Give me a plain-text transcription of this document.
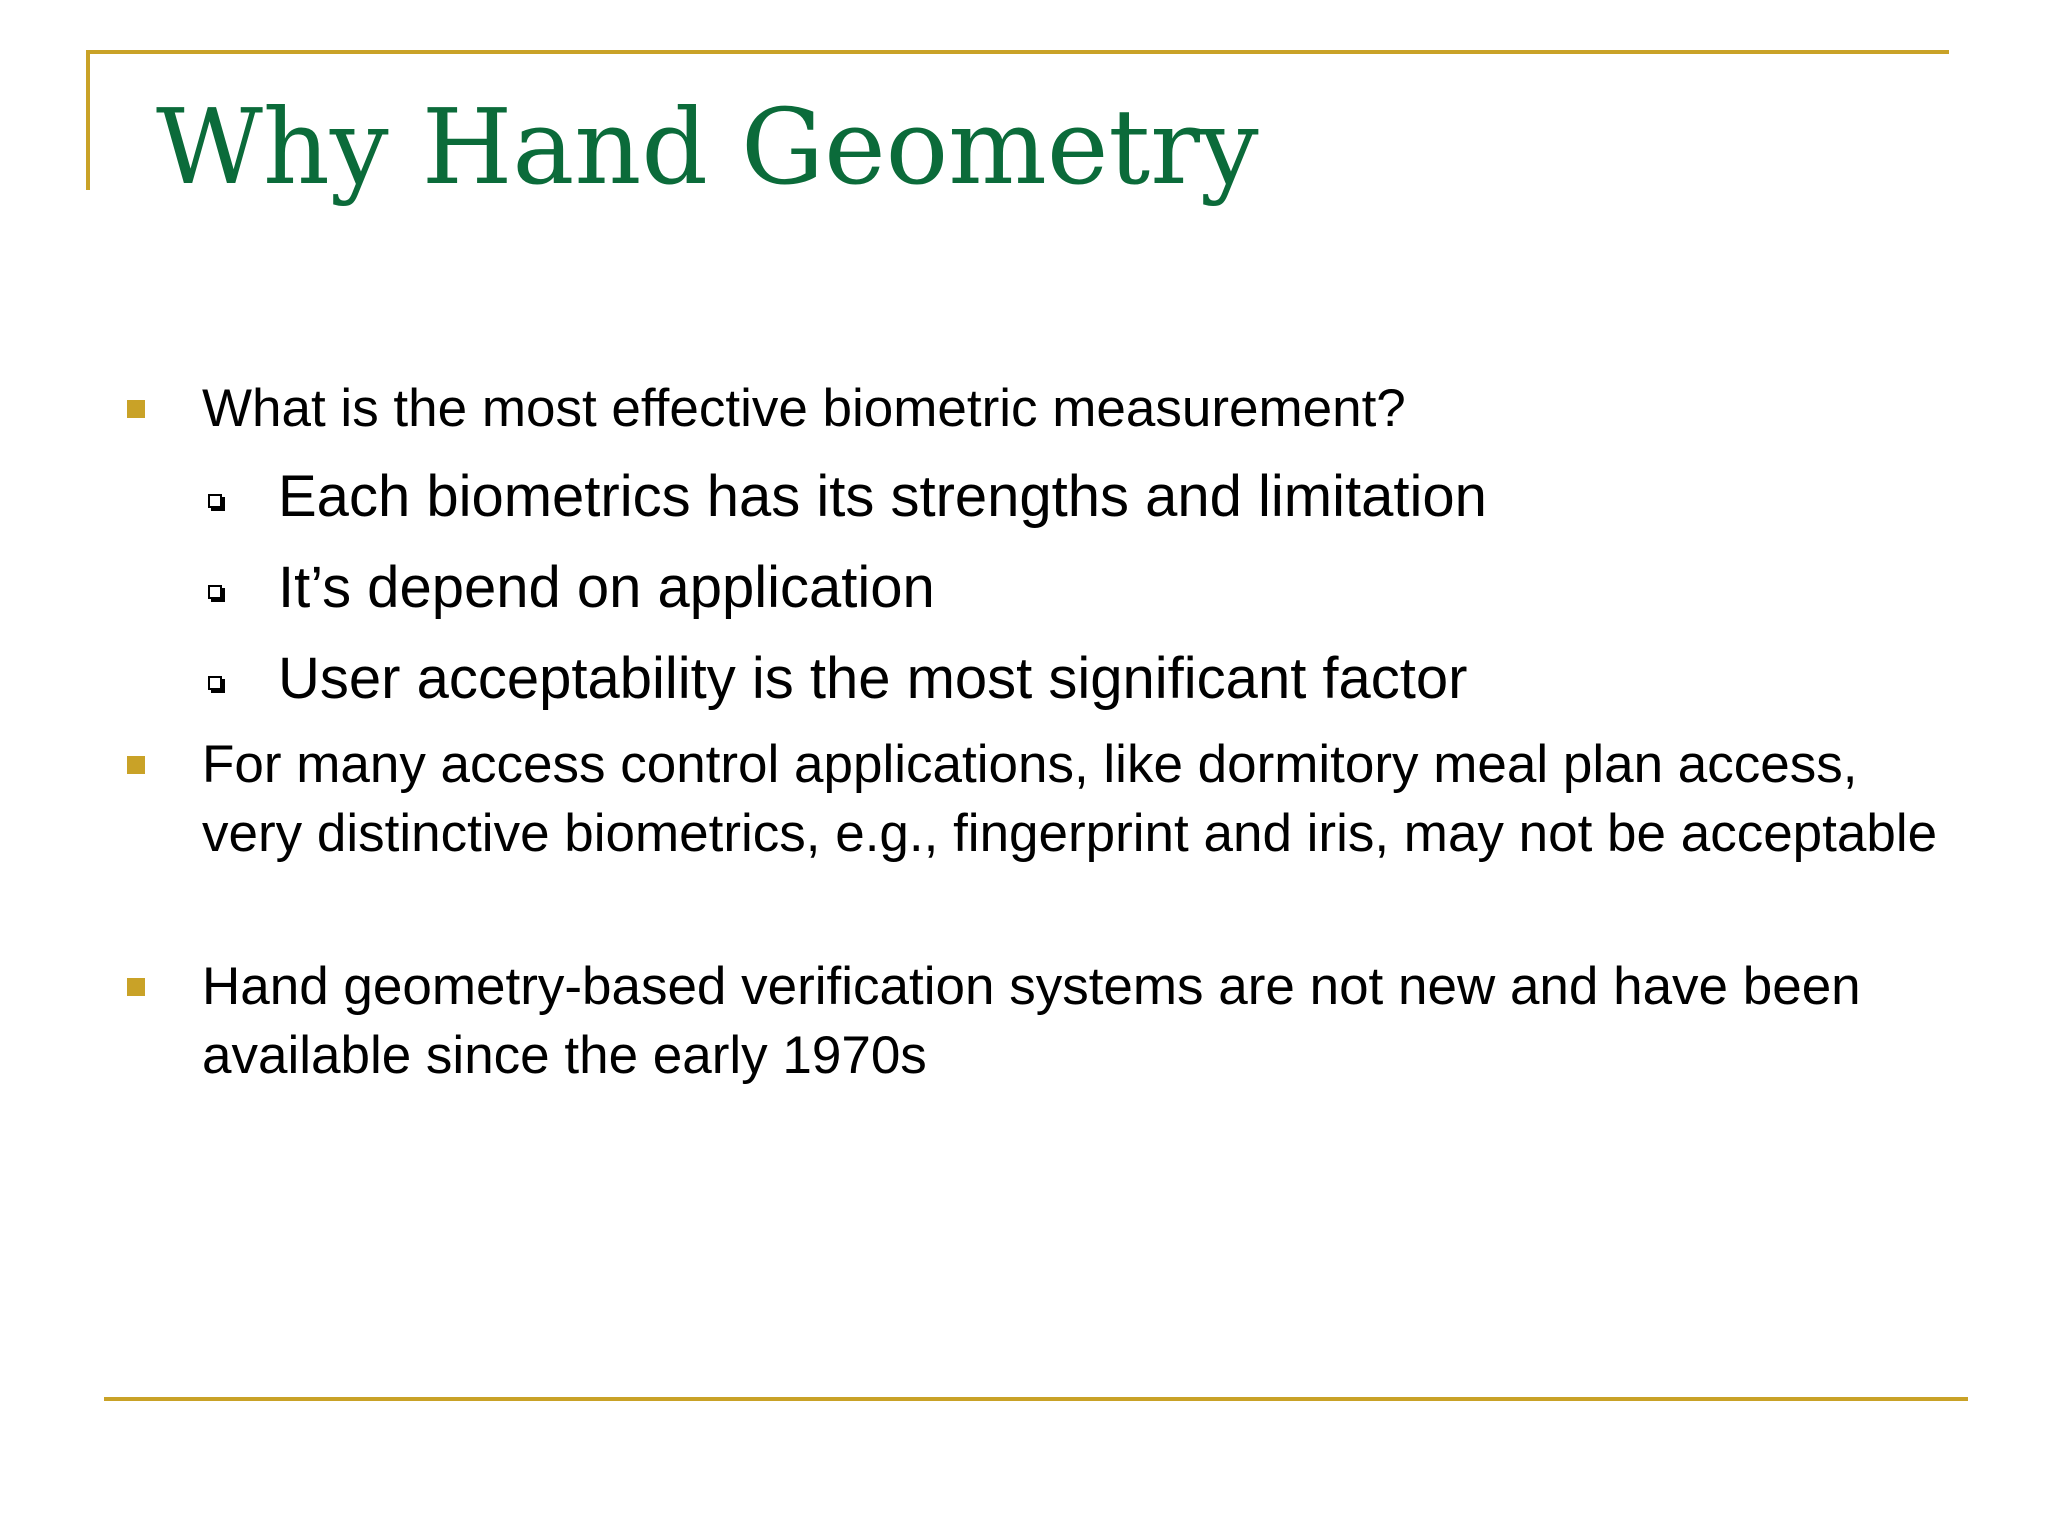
Why Hand Geometry
What is the most effective biometric measurement?
Each biometrics has its strengths and limitation
It’s depend on application
User acceptability is the most significant factor
For many access control applications, like dormitory meal plan access, very distinctive biometrics, e.g., fingerprint and iris, may not be acceptable
Hand geometry-based verification systems are not new and have been available since the early 1970s
